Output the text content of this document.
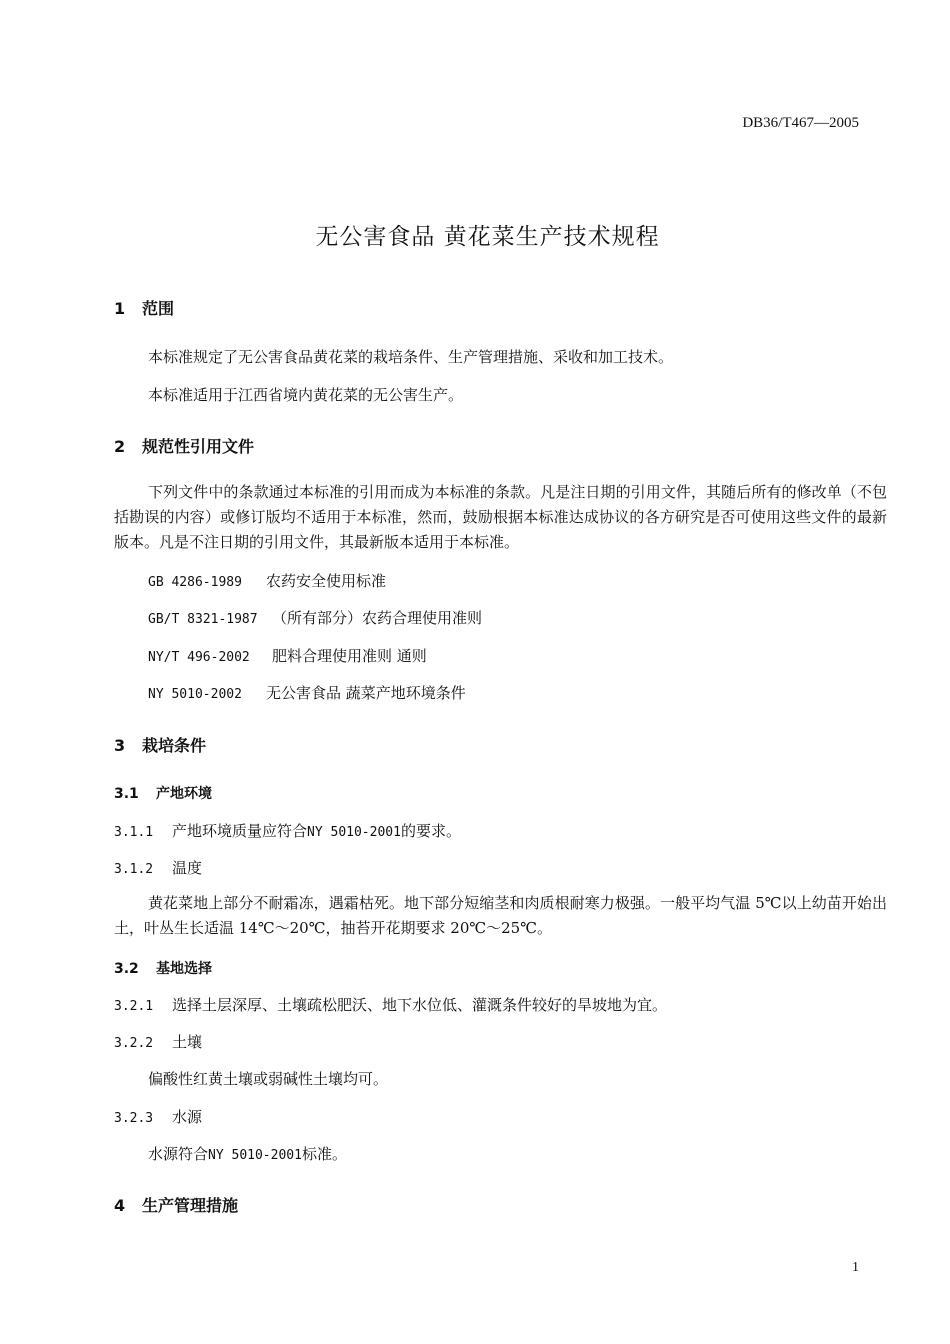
DB36/T467—2005
无公害食品 黄花菜生产技术规程
1 范围
本标准规定了无公害食品黄花菜的栽培条件、生产管理措施、采收和加工技术。
本标准适用于江西省境内黄花菜的无公害生产。
2 规范性引用文件
下列文件中的条款通过本标准的引用而成为本标准的条款。凡是注日期的引用文件，其随后所有的修改单（不包括勘误的内容）或修订版均不适用于本标准，然而，鼓励根据本标准达成协议的各方研究是否可使用这些文件的最新版本。凡是不注日期的引用文件，其最新版本适用于本标准。
GB 4286-1989 农药安全使用标准
GB/T 8321-1987 （所有部分）农药合理使用准则
NY/T 496-2002 肥料合理使用准则 通则
NY 5010-2002 无公害食品 蔬菜产地环境条件
3 栽培条件
3.1 产地环境
3.1.1 产地环境质量应符合NY 5010-2001的要求。
3.1.2 温度
黄花菜地上部分不耐霜冻，遇霜枯死。地下部分短缩茎和肉质根耐寒力极强。一般平均气温 5℃以上幼苗开始出土，叶丛生长适温 14℃～20℃，抽苔开花期要求 20℃～25℃。
3.2 基地选择
3.2.1 选择土层深厚、土壤疏松肥沃、地下水位低、灌溉条件较好的旱坡地为宜。
3.2.2 土壤
偏酸性红黄土壤或弱碱性土壤均可。
3.2.3 水源
水源符合NY 5010-2001标准。
4 生产管理措施
1
